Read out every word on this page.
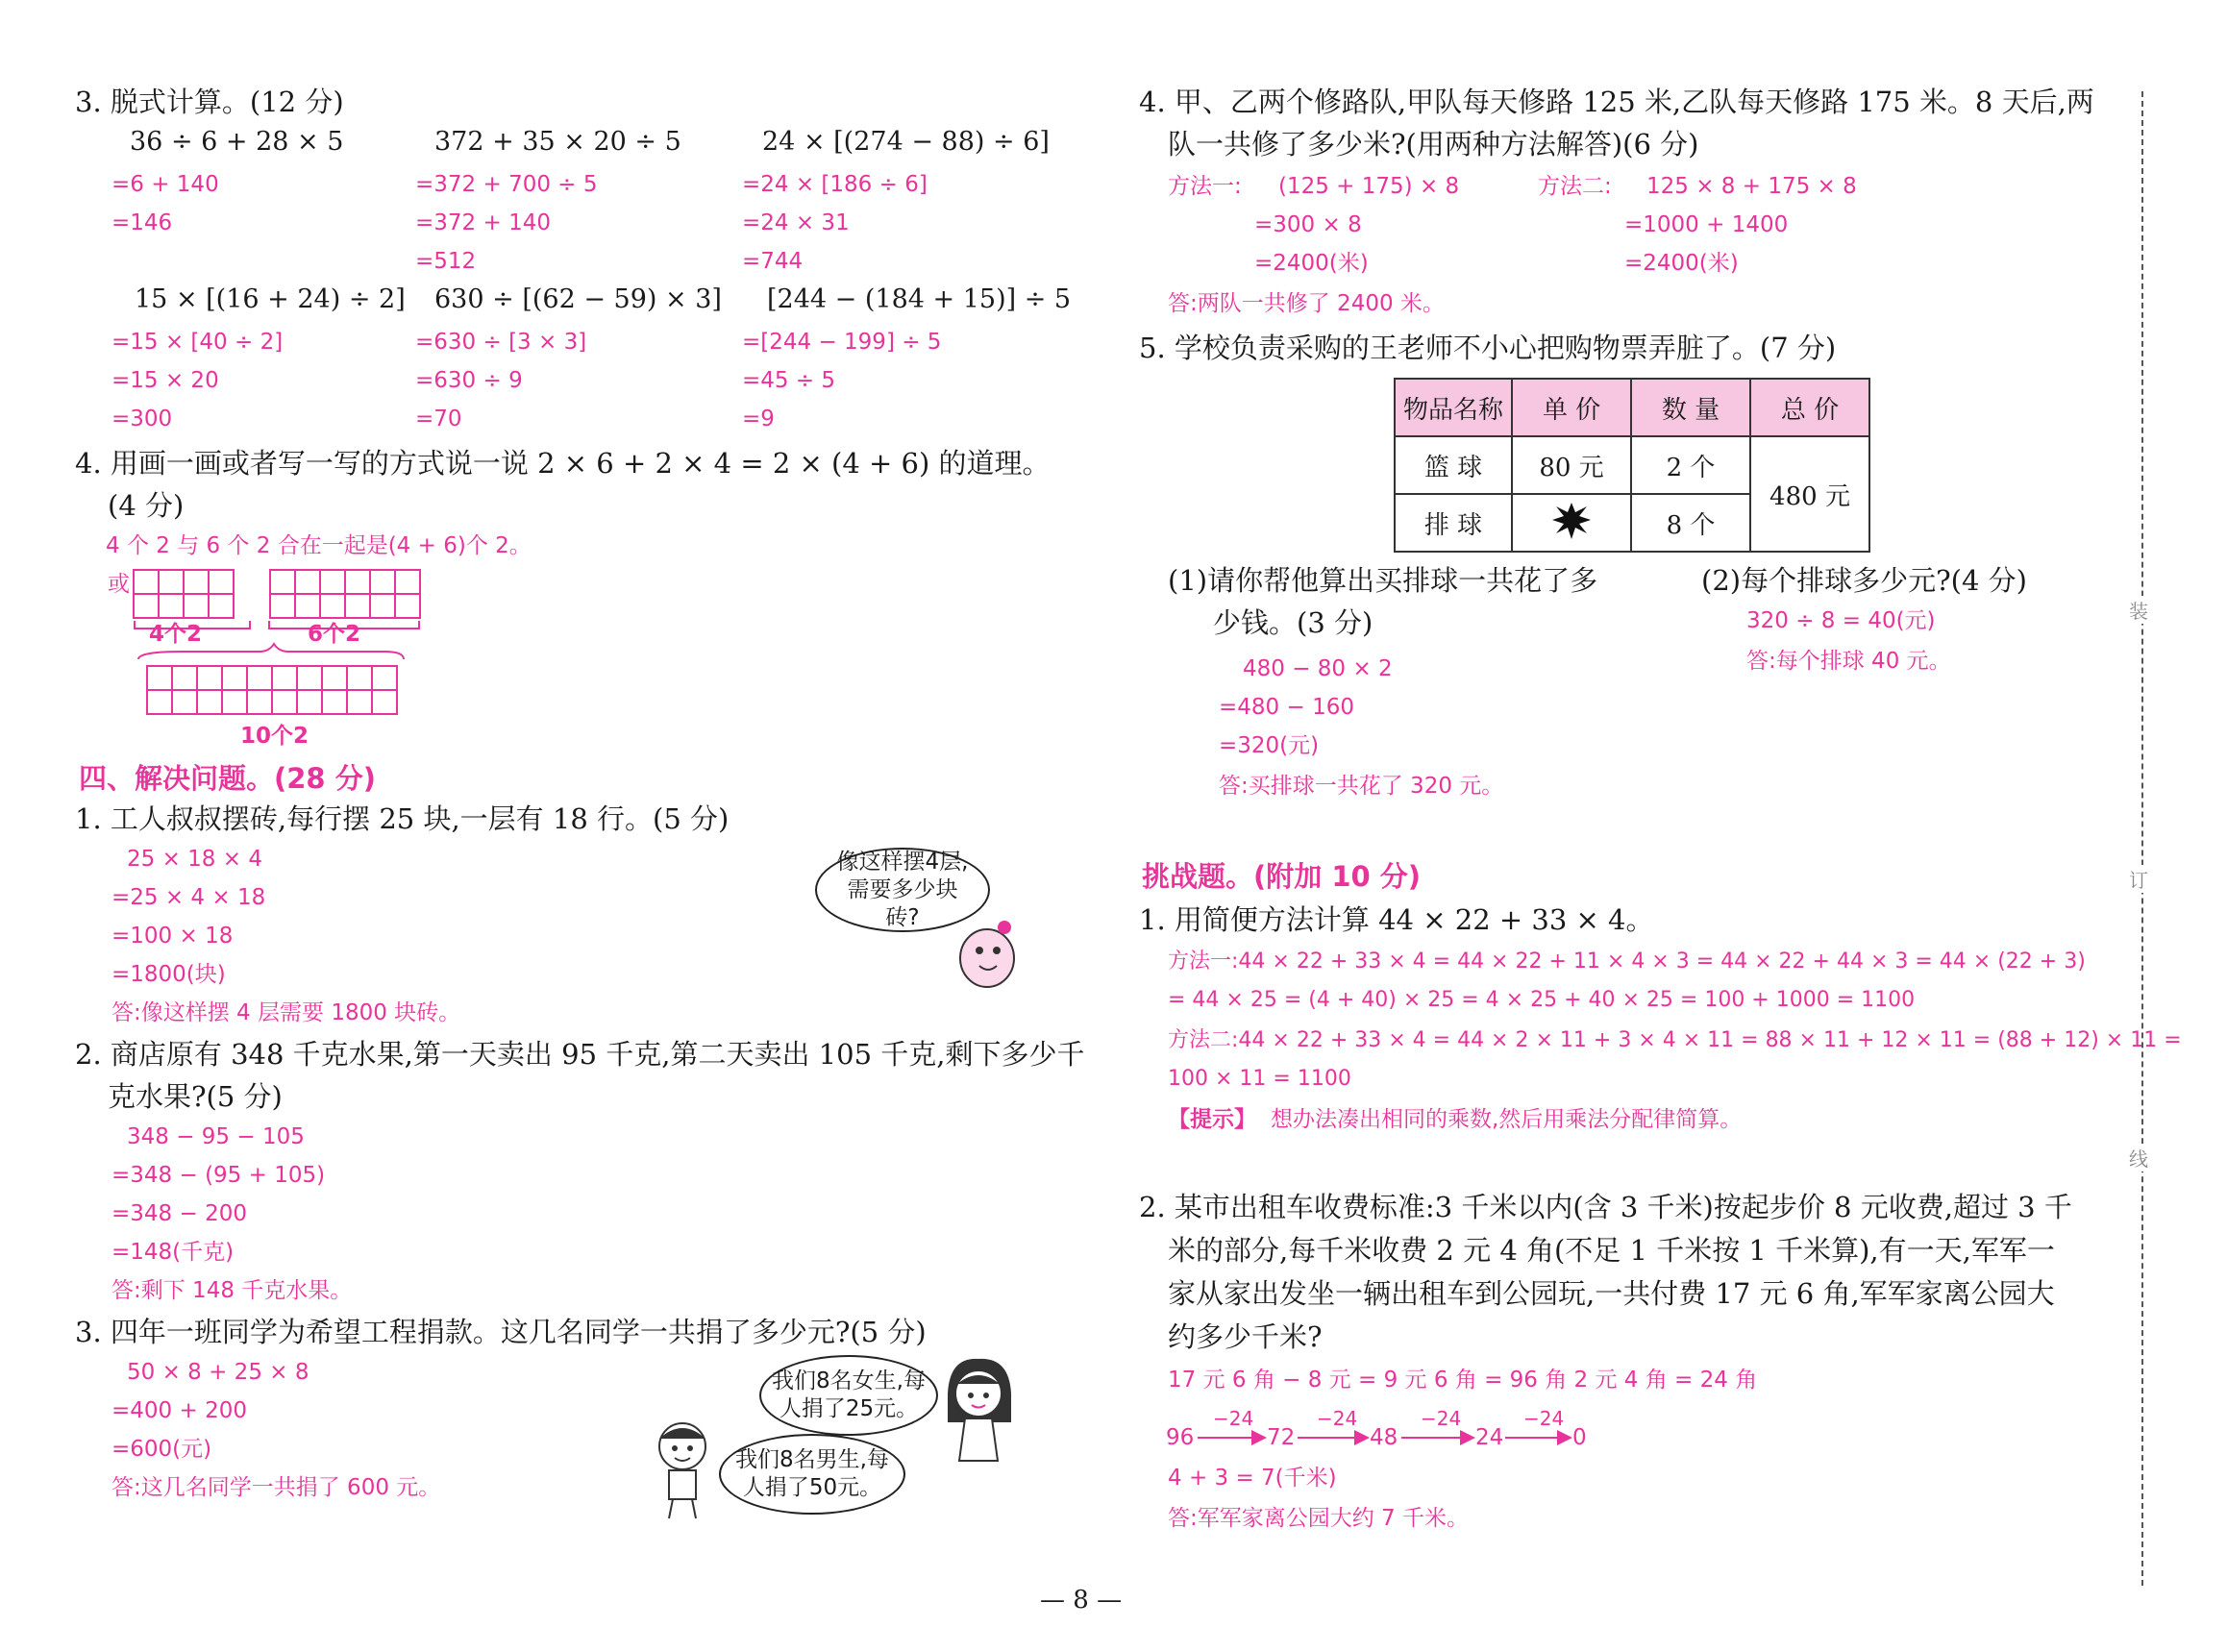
3. 脱式计算。(12 分)
36 ÷ 6 + 28 × 5
=6 + 140
=146
372 + 35 × 20 ÷ 5
=372 + 700 ÷ 5
=372 + 140
=512
24 × [(274 − 88) ÷ 6]
=24 × [186 ÷ 6]
=24 × 31
=744
15 × [(16 + 24) ÷ 2]
=15 × [40 ÷ 2]
=15 × 20
=300
630 ÷ [(62 − 59) × 3]
=630 ÷ [3 × 3]
=630 ÷ 9
=70
[244 − (184 + 15)] ÷ 5
=[244 − 199] ÷ 5
=45 ÷ 5
=9
4. 用画一画或者写一写的方式说一说 2 × 6 + 2 × 4 = 2 × (4 + 6) 的道理。
(4 分)
4 个 2 与 6 个 2 合在一起是(4 + 6)个 2。
或
4个2	6个2
10个2
四、解决问题。(28 分)
1. 工人叔叔摆砖,每行摆 25 块,一层有 18 行。(5 分)
25 × 18 × 4
=25 × 4 × 18
=100 × 18
=1800(块)
答:像这样摆 4 层需要 1800 块砖。
像这样摆4层,需要多少块砖?
2. 商店原有 348 千克水果,第一天卖出 95 千克,第二天卖出 105 千克,剩下多少千
克水果?(5 分)
348 − 95 − 105
=348 − (95 + 105)
=348 − 200
=148(千克)
答:剩下 148 千克水果。
3. 四年一班同学为希望工程捐款。这几名同学一共捐了多少元?(5 分)
50 × 8 + 25 × 8
=400 + 200
=600(元)
答:这几名同学一共捐了 600 元。
我们8名女生,每人捐了25元。
我们8名男生,每人捐了50元。
4. 甲、乙两个修路队,甲队每天修路 125 米,乙队每天修路 175 米。8 天后,两
队一共修了多少米?(用两种方法解答)(6 分)
方法一: (125 + 175) × 8
=300 × 8
=2400(米)
方法二: 125 × 8 + 175 × 8
=1000 + 1400
=2400(米)
答:两队一共修了 2400 米。
5. 学校负责采购的王老师不小心把购物票弄脏了。(7 分)
物品名称	单 价	数 量	总 价
篮 球	80 元	2 个	480 元
排 球		8 个	
(1)请你帮他算出买排球一共花了多
少钱。(3 分)
480 − 80 × 2
=480 − 160
=320(元)
答:买排球一共花了 320 元。
(2)每个排球多少元?(4 分)
320 ÷ 8 = 40(元)
答:每个排球 40 元。
挑战题。(附加 10 分)
1. 用简便方法计算 44 × 22 + 33 × 4。
方法一:44 × 22 + 33 × 4 = 44 × 22 + 11 × 4 × 3 = 44 × 22 + 44 × 3 = 44 × (22 + 3)
= 44 × 25 = (4 + 40) × 25 = 4 × 25 + 40 × 25 = 100 + 1000 = 1100
方法二:44 × 22 + 33 × 4 = 44 × 2 × 11 + 3 × 4 × 11 = 88 × 11 + 12 × 11 = (88 + 12) × 11 =
100 × 11 = 1100
【提示】 想办法凑出相同的乘数,然后用乘法分配律简算。
2. 某市出租车收费标准:3 千米以内(含 3 千米)按起步价 8 元收费,超过 3 千
米的部分,每千米收费 2 元 4 角(不足 1 千米按 1 千米算),有一天,军军一
家从家出发坐一辆出租车到公园玩,一共付费 17 元 6 角,军军家离公园大
约多少千米?
17 元 6 角 − 8 元 = 9 元 6 角 = 96 角 2 元 4 角 = 24 角
96	72	48	24	0
−24	−24	−24	−24
4 + 3 = 7(千米)
答:军军家离公园大约 7 千米。
装
订
线
— 8 —
